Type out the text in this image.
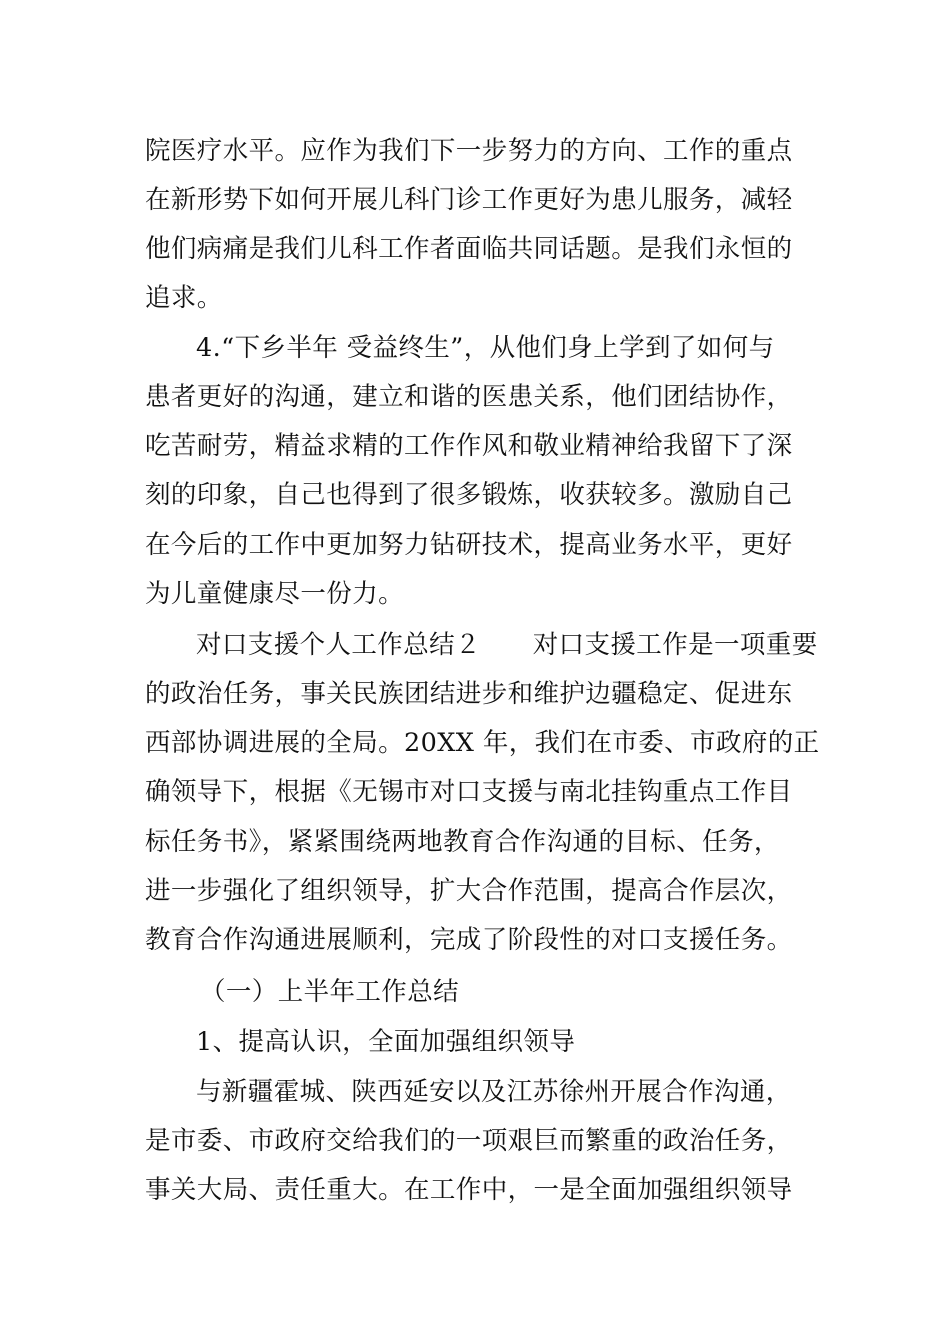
院医疗水平。应作为我们下一步努力的方向、工作的重点
在新形势下如何开展儿科门诊工作更好为患儿服务，减轻
他们病痛是我们儿科工作者面临共同话题。是我们永恒的
追求。
4.“下乡半年 受益终生”，从他们身上学到了如何与
患者更好的沟通，建立和谐的医患关系，他们团结协作，
吃苦耐劳，精益求精的工作作风和敬业精神给我留下了深
刻的印象，自己也得到了很多锻炼，收获较多。激励自己
在今后的工作中更加努力钻研技术，提高业务水平，更好
为儿童健康尽一份力。
对口支援个人工作总结２　　对口支援工作是一项重要
的政治任务，事关民族团结进步和维护边疆稳定、促进东
西部协调进展的全局。20XX 年，我们在市委、市政府的正
确领导下，根据《无锡市对口支援与南北挂钩重点工作目
标任务书》，紧紧围绕两地教育合作沟通的目标、任务，
进一步强化了组织领导，扩大合作范围，提高合作层次，
教育合作沟通进展顺利，完成了阶段性的对口支援任务。
（一）上半年工作总结
1、提高认识，全面加强组织领导
与新疆霍城、陕西延安以及江苏徐州开展合作沟通，
是市委、市政府交给我们的一项艰巨而繁重的政治任务，
事关大局、责任重大。在工作中，一是全面加强组织领导
